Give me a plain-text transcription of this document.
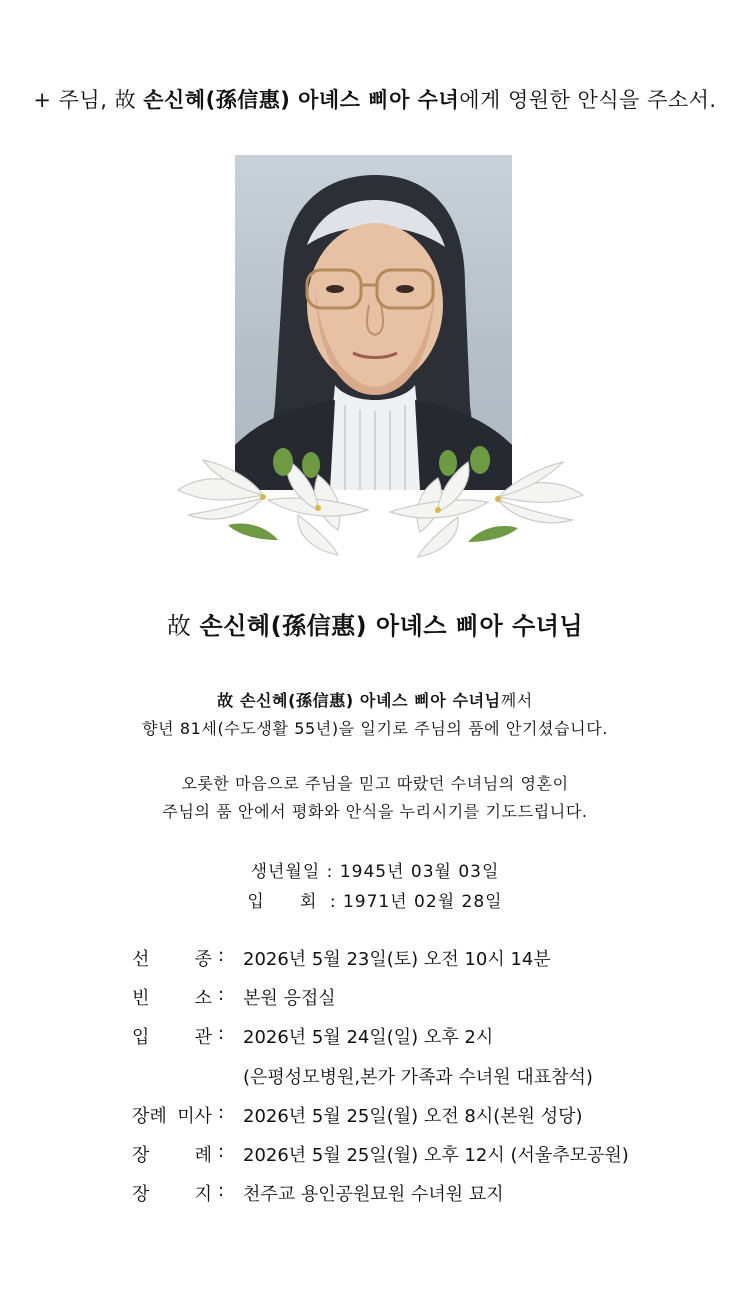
+ 주님, 故 손신혜(孫信惠) 아녜스 삐아 수녀에게 영원한 안식을 주소서.
故 손신혜(孫信惠) 아녜스 삐아 수녀님
故 손신혜(孫信惠) 아녜스 삐아 수녀님께서
향년 81세(수도생활 55년)을 일기로 주님의 품에 안기셨습니다.
오롯한 마음으로 주님을 믿고 따랐던 수녀님의 영혼이
주님의 품 안에서 평화와 안식을 누리시기를 기도드립니다.
생년월일 : 1945년 03월 03일
입 회 : 1971년 02월 28일
선	종 : 2026년 5월 23일(토) 오전 10시 14분
빈	소 : 본원 응접실
입	관 : 2026년 5월 24일(일) 오후 2시
(은평성모병원,본가 가족과 수녀원 대표참석)
장례 미사 : 2026년 5월 25일(월) 오전 8시(본원 성당)
장	례 : 2026년 5월 25일(월) 오후 12시 (서울추모공원)
장	지 : 천주교 용인공원묘원 수녀원 묘지
